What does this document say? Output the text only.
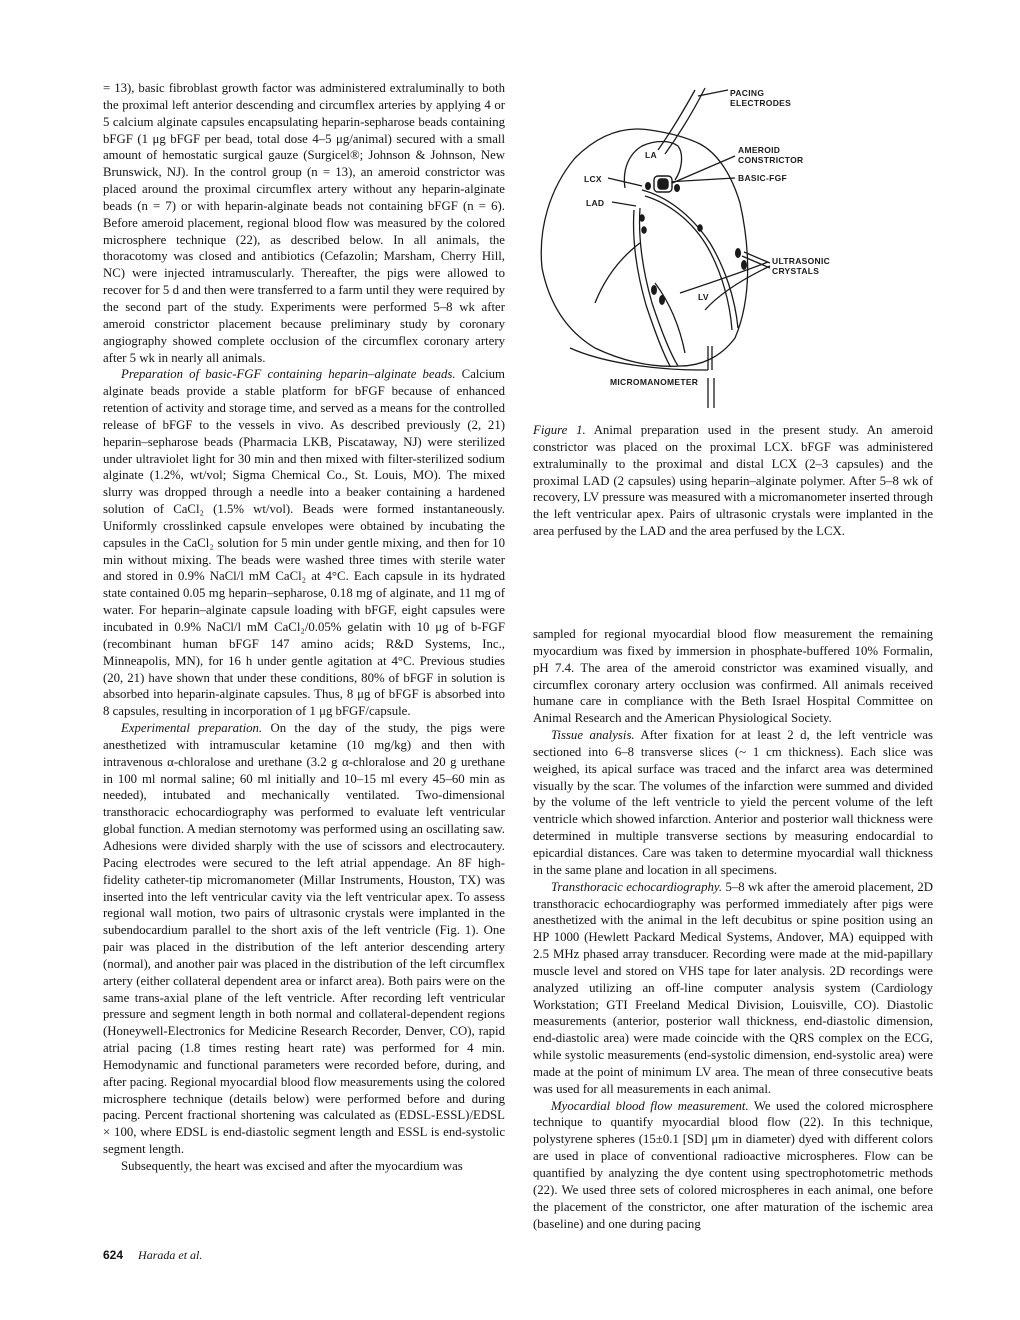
= 13), basic fibroblast growth factor was administered extraluminally to both the proximal left anterior descending and circumflex arteries by applying 4 or 5 calcium alginate capsules encapsulating heparin-sepharose beads containing bFGF (1 μg bFGF per bead, total dose 4–5 μg/animal) secured with a small amount of hemostatic surgical gauze (Surgicel®; Johnson & Johnson, New Brunswick, NJ). In the control group (n = 13), an ameroid constrictor was placed around the proximal circumflex artery without any heparin-alginate beads (n = 7) or with heparin-alginate beads not containing bFGF (n = 6). Before ameroid placement, regional blood flow was measured by the colored microsphere technique (22), as described below. In all animals, the thoracotomy was closed and antibiotics (Cefazolin; Marsham, Cherry Hill, NC) were injected intramuscularly. Thereafter, the pigs were allowed to recover for 5 d and then were transferred to a farm until they were required by the second part of the study. Experiments were performed 5–8 wk after ameroid constrictor placement because preliminary study by coronary angiography showed complete occlusion of the circumflex coronary artery after 5 wk in nearly all animals.

Preparation of basic-FGF containing heparin–alginate beads. Calcium alginate beads provide a stable platform for bFGF because of enhanced retention of activity and storage time, and served as a means for the controlled release of bFGF to the vessels in vivo. As described previously (2, 21) heparin–sepharose beads (Pharmacia LKB, Piscataway, NJ) were sterilized under ultraviolet light for 30 min and then mixed with filter-sterilized sodium alginate (1.2%, wt/vol; Sigma Chemical Co., St. Louis, MO). The mixed slurry was dropped through a needle into a beaker containing a hardened solution of CaCl₂ (1.5% wt/vol). Beads were formed instantaneously. Uniformly crosslinked capsule envelopes were obtained by incubating the capsules in the CaCl₂ solution for 5 min under gentle mixing, and then for 10 min without mixing. The beads were washed three times with sterile water and stored in 0.9% NaCl/l mM CaCl₂ at 4°C. Each capsule in its hydrated state contained 0.05 mg heparin–sepharose, 0.18 mg of alginate, and 11 mg of water. For heparin–alginate capsule loading with bFGF, eight capsules were incubated in 0.9% NaCl/l mM CaCl₂/0.05% gelatin with 10 μg of b-FGF (recombinant human bFGF 147 amino acids; R&D Systems, Inc., Minneapolis, MN), for 16 h under gentle agitation at 4°C. Previous studies (20, 21) have shown that under these conditions, 80% of bFGF in solution is absorbed into heparin-alginate capsules. Thus, 8 μg of bFGF is absorbed into 8 capsules, resulting in incorporation of 1 μg bFGF/capsule.

Experimental preparation. On the day of the study, the pigs were anesthetized with intramuscular ketamine (10 mg/kg) and then with intravenous α-chloralose and urethane (3.2 g α-chloralose and 20 g urethane in 100 ml normal saline; 60 ml initially and 10–15 ml every 45–60 min as needed), intubated and mechanically ventilated. Two-dimensional transthoracic echocardiography was performed to evaluate left ventricular global function. A median sternotomy was performed using an oscillating saw. Adhesions were divided sharply with the use of scissors and electrocautery. Pacing electrodes were secured to the left atrial appendage. An 8F high-fidelity catheter-tip micromanometer (Millar Instruments, Houston, TX) was inserted into the left ventricular cavity via the left ventricular apex. To assess regional wall motion, two pairs of ultrasonic crystals were implanted in the subendocardium parallel to the short axis of the left ventricle (Fig. 1). One pair was placed in the distribution of the left anterior descending artery (normal), and another pair was placed in the distribution of the left circumflex artery (either collateral dependent area or infarct area). Both pairs were on the same trans-axial plane of the left ventricle. After recording left ventricular pressure and segment length in both normal and collateral-dependent regions (Honeywell-Electronics for Medicine Research Recorder, Denver, CO), rapid atrial pacing (1.8 times resting heart rate) was performed for 4 min. Hemodynamic and functional parameters were recorded before, during, and after pacing. Regional myocardial blood flow measurements using the colored microsphere technique (details below) were performed before and during pacing. Percent fractional shortening was calculated as (EDSL-ESSL)/EDSL × 100, where EDSL is end-diastolic segment length and ESSL is end-systolic segment length.

Subsequently, the heart was excised and after the myocardium was

PACING
ELECTRODES
AMEROID
CONSTRICTOR
BASIC-FGF
ULTRASONIC
CRYSTALS
LA
LCX
LAD
LV
MICROMANOMETER
Figure 1. Animal preparation used in the present study. An ameroid constrictor was placed on the proximal LCX. bFGF was administered extraluminally to the proximal and distal LCX (2–3 capsules) and the proximal LAD (2 capsules) using heparin–alginate polymer. After 5–8 wk of recovery, LV pressure was measured with a micromanometer inserted through the left ventricular apex. Pairs of ultrasonic crystals were implanted in the area perfused by the LAD and the area perfused by the LCX.

sampled for regional myocardial blood flow measurement the remaining myocardium was fixed by immersion in phosphate-buffered 10% Formalin, pH 7.4. The area of the ameroid constrictor was examined visually, and circumflex coronary artery occlusion was confirmed. All animals received humane care in compliance with the Beth Israel Hospital Committee on Animal Research and the American Physiological Society.

Tissue analysis. After fixation for at least 2 d, the left ventricle was sectioned into 6–8 transverse slices (~ 1 cm thickness). Each slice was weighed, its apical surface was traced and the infarct area was determined visually by the scar. The volumes of the infarction were summed and divided by the volume of the left ventricle to yield the percent volume of the left ventricle which showed infarction. Anterior and posterior wall thickness were determined in multiple transverse sections by measuring endocardial to epicardial distances. Care was taken to determine myocardial wall thickness in the same plane and location in all specimens.

Transthoracic echocardiography. 5–8 wk after the ameroid placement, 2D transthoracic echocardiography was performed immediately after pigs were anesthetized with the animal in the left decubitus or spine position using an HP 1000 (Hewlett Packard Medical Systems, Andover, MA) equipped with 2.5 MHz phased array transducer. Recording were made at the mid-papillary muscle level and stored on VHS tape for later analysis. 2D recordings were analyzed utilizing an off-line computer analysis system (Cardiology Workstation; GTI Freeland Medical Division, Louisville, CO). Diastolic measurements (anterior, posterior wall thickness, end-diastolic dimension, end-diastolic area) were made coincide with the QRS complex on the ECG, while systolic measurements (end-systolic dimension, end-systolic area) were made at the point of minimum LV area. The mean of three consecutive beats was used for all measurements in each animal.

Myocardial blood flow measurement. We used the colored microsphere technique to quantify myocardial blood flow (22). In this technique, polystyrene spheres (15±0.1 [SD] μm in diameter) dyed with different colors are used in place of conventional radioactive microspheres. Flow can be quantified by analyzing the dye content using spectrophotometric methods (22). We used three sets of colored microspheres in each animal, one before the placement of the constrictor, one after maturation of the ischemic area (baseline) and one during pacing

624 Harada et al.
